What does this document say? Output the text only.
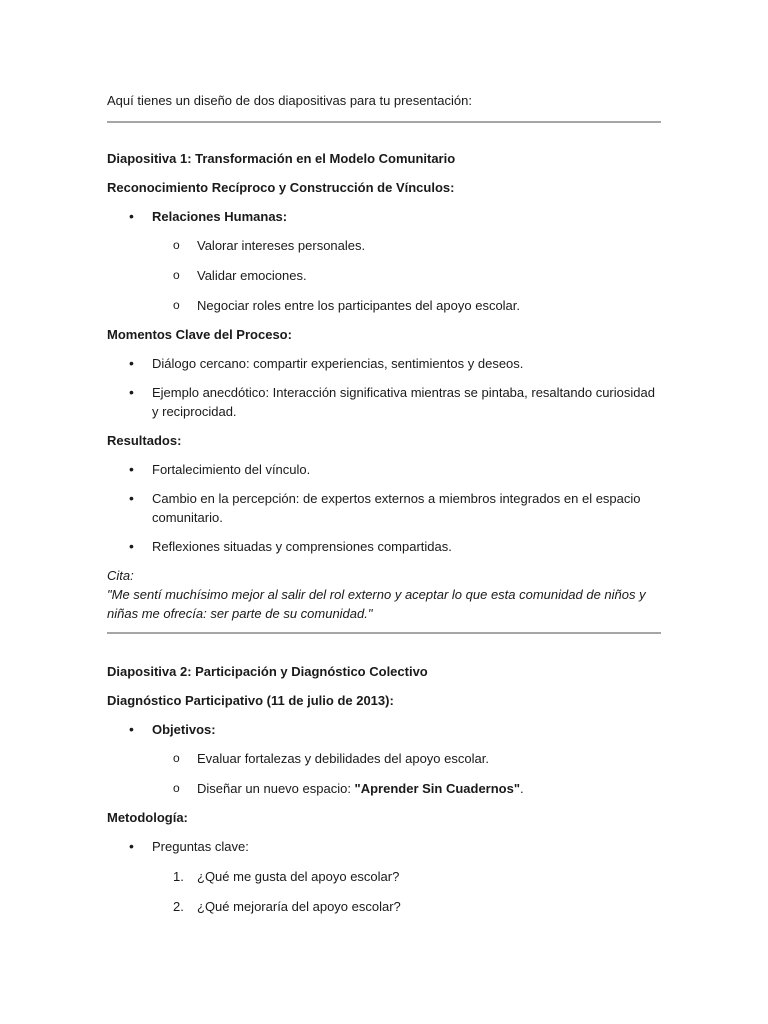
Aquí tienes un diseño de dos diapositivas para tu presentación:

Diapositiva 1: Transformación en el Modelo Comunitario

Reconocimiento Recíproco y Construcción de Vínculos:

• Relaciones Humanas:

o Valorar intereses personales.

o Validar emociones.

o Negociar roles entre los participantes del apoyo escolar.

Momentos Clave del Proceso:

• Diálogo cercano: compartir experiencias, sentimientos y deseos.

• Ejemplo anecdótico: Interacción significativa mientras se pintaba, resaltando curiosidad y reciprocidad.

Resultados:

• Fortalecimiento del vínculo.

• Cambio en la percepción: de expertos externos a miembros integrados en el espacio comunitario.

• Reflexiones situadas y comprensiones compartidas.

Cita:

"Me sentí muchísimo mejor al salir del rol externo y aceptar lo que esta comunidad de niños y niñas me ofrecía: ser parte de su comunidad."

Diapositiva 2: Participación y Diagnóstico Colectivo

Diagnóstico Participativo (11 de julio de 2013):

• Objetivos:

o Evaluar fortalezas y debilidades del apoyo escolar.

o Diseñar un nuevo espacio: "Aprender Sin Cuadernos".

Metodología:

• Preguntas clave:

1. ¿Qué me gusta del apoyo escolar?

2. ¿Qué mejoraría del apoyo escolar?
